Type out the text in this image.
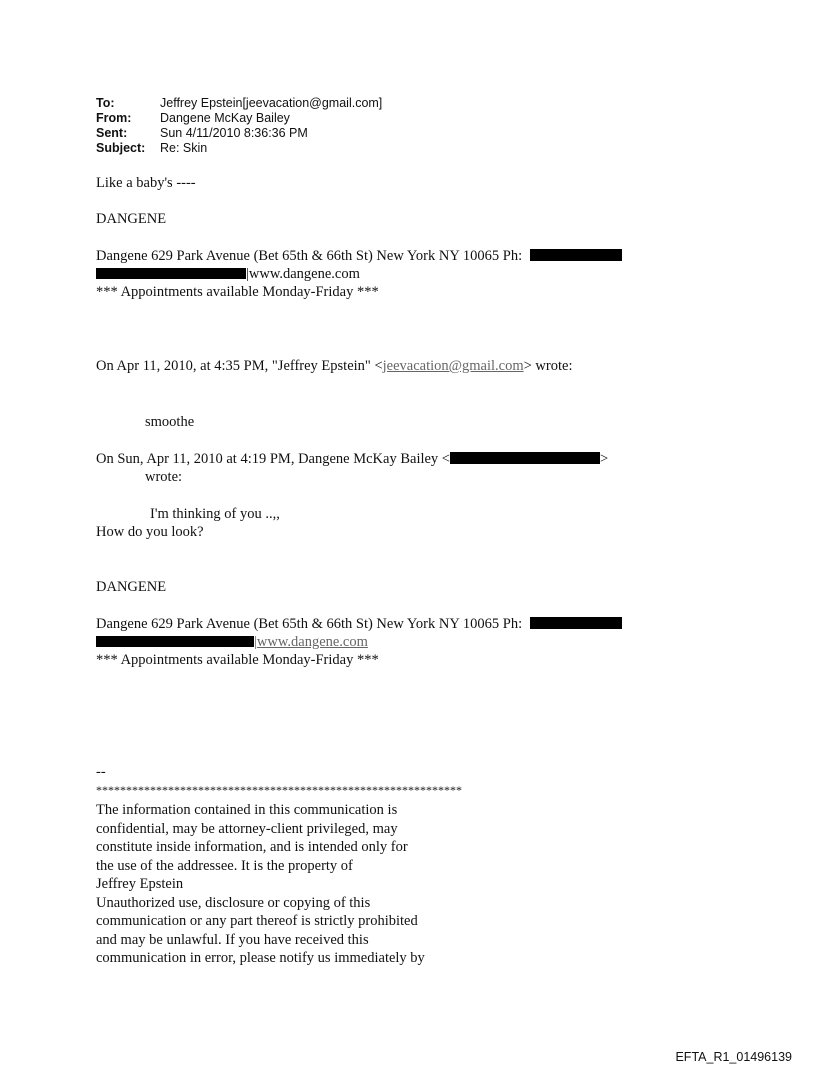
To:	Jeffrey Epstein[jeevacation@gmail.com]
From:	Dangene McKay Bailey
Sent:	Sun 4/11/2010 8:36:36 PM
Subject:	Re: Skin
Like a baby's ----
DANGENE
Dangene 629 Park Avenue (Bet 65th & 66th St) New York NY 10065 Ph:
|www.dangene.com
*** Appointments available Monday-Friday ***
On Apr 11, 2010, at 4:35 PM, "Jeffrey Epstein" <jeevacation@gmail.com> wrote:
smoothe
On Sun, Apr 11, 2010 at 4:19 PM, Dangene McKay Bailey <	>
wrote:
I'm thinking of you ..,,
How do you look?
DANGENE
Dangene 629 Park Avenue (Bet 65th & 66th St) New York NY 10065 Ph:
|www.dangene.com
*** Appointments available Monday-Friday ***
--
*************************************************************
The information contained in this communication is
confidential, may be attorney-client privileged, may
constitute inside information, and is intended only for
the use of the addressee. It is the property of
Jeffrey Epstein
Unauthorized use, disclosure or copying of this
communication or any part thereof is strictly prohibited
and may be unlawful. If you have received this
communication in error, please notify us immediately by
EFTA_R1_01496139
